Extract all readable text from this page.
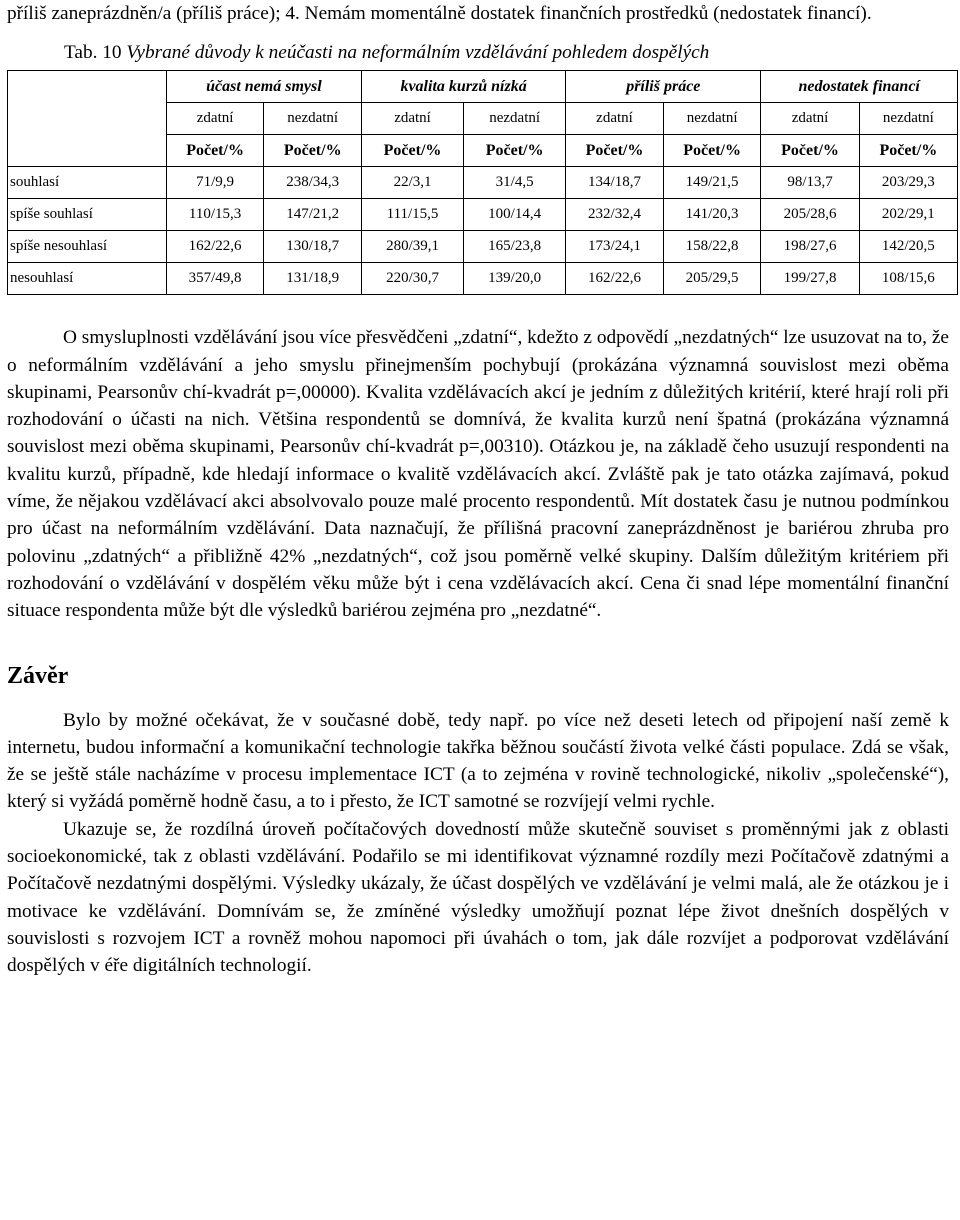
příliš zaneprázdněn/a (příliš práce); 4. Nemám momentálně dostatek finančních prostředků (nedostatek financí).

Tab. 10 Vybrané důvody k neúčasti na neformálním vzdělávání pohledem dospělých
	účast nemá smysl		kvalita kurzů nízká		příliš práce		nedostatek financí	
	zdatní	nezdatní	zdatní	nezdatní	zdatní	nezdatní	zdatní	nezdatní
	Počet/%	Počet/%	Počet/%	Počet/%	Počet/%	Počet/%	Počet/%	Počet/%
souhlasí	71/9,9	238/34,3	22/3,1	31/4,5	134/18,7	149/21,5	98/13,7	203/29,3
spíše souhlasí	110/15,3	147/21,2	111/15,5	100/14,4	232/32,4	141/20,3	205/28,6	202/29,1
spíše nesouhlasí	162/22,6	130/18,7	280/39,1	165/23,8	173/24,1	158/22,8	198/27,6	142/20,5
nesouhlasí	357/49,8	131/18,9	220/30,7	139/20,0	162/22,6	205/29,5	199/27,8	108/15,6

O smysluplnosti vzdělávání jsou více přesvědčeni „zdatní“, kdežto z odpovědí „nezdatných“ lze usuzovat na to, že o neformálním vzdělávání a jeho smyslu přinejmenším pochybují (prokázána významná souvislost mezi oběma skupinami, Pearsonův chí-kvadrát p=,00000). Kvalita vzdělávacích akcí je jedním z důležitých kritérií, které hrají roli při rozhodování o účasti na nich. Většina respondentů se domnívá, že kvalita kurzů není špatná (prokázána významná souvislost mezi oběma skupinami, Pearsonův chí-kvadrát p=,00310). Otázkou je, na základě čeho usuzují respondenti na kvalitu kurzů, případně, kde hledají informace o kvalitě vzdělávacích akcí. Zvláště pak je tato otázka zajímavá, pokud víme, že nějakou vzdělávací akci absolvovalo pouze malé procento respondentů. Mít dostatek času je nutnou podmínkou pro účast na neformálním vzdělávání. Data naznačují, že přílišná pracovní zaneprázdněnost je bariérou zhruba pro polovinu „zdatných“ a přibližně 42% „nezdatných“, což jsou poměrně velké skupiny. Dalším důležitým kritériem při rozhodování o vzdělávání v dospělém věku může být i cena vzdělávacích akcí. Cena či snad lépe momentální finanční situace respondenta může být dle výsledků bariérou zejména pro „nezdatné“.

Závěr

Bylo by možné očekávat, že v současné době, tedy např. po více než deseti letech od připojení naší země k internetu, budou informační a komunikační technologie takřka běžnou součástí života velké části populace. Zdá se však, že se ještě stále nacházíme v procesu implementace ICT (a to zejména v rovině technologické, nikoliv „společenské“), který si vyžádá poměrně hodně času, a to i přesto, že ICT samotné se rozvíjejí velmi rychle.

Ukazuje se, že rozdílná úroveň počítačových dovedností může skutečně souviset s proměnnými jak z oblasti socioekonomické, tak z oblasti vzdělávání. Podařilo se mi identifikovat významné rozdíly mezi Počítačově zdatnými a Počítačově nezdatnými dospělými. Výsledky ukázaly, že účast dospělých ve vzdělávání je velmi malá, ale že otázkou je i motivace ke vzdělávání. Domnívám se, že zmíněné výsledky umožňují poznat lépe život dnešních dospělých v souvislosti s rozvojem ICT a rovněž mohou napomoci při úvahách o tom, jak dále rozvíjet a podporovat vzdělávání dospělých v éře digitálních technologií.
